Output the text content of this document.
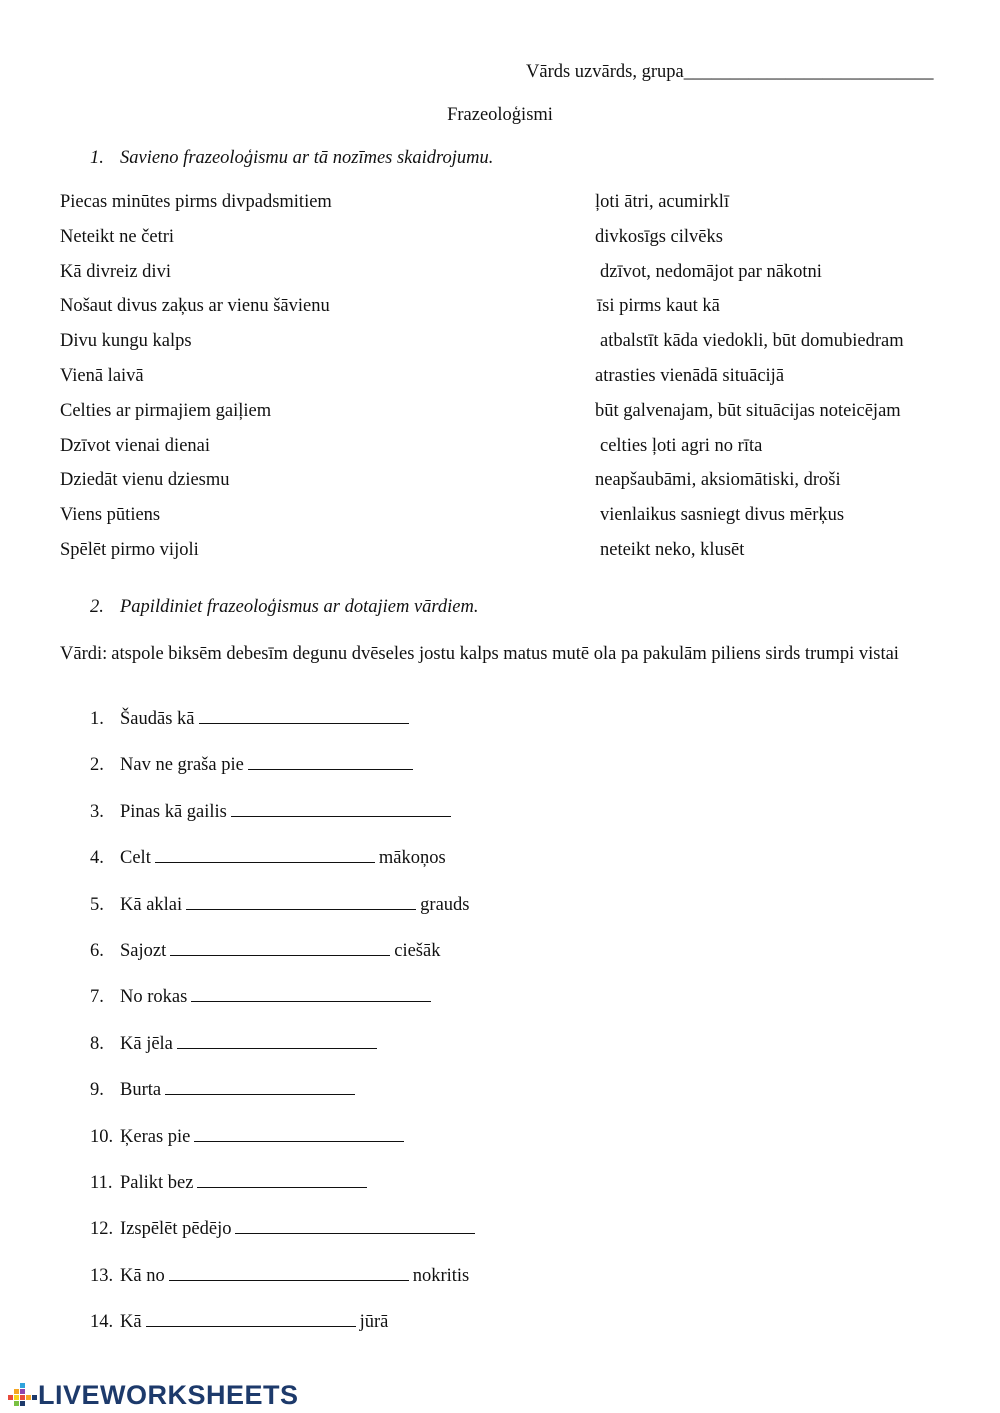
Vārds uzvārds, grupa___________________________
Frazeoloģismi
1. Savieno frazeoloģismu ar tā nozīmes skaidrojumu.
Piecas minūtes pirms divpadsmitiem	ļoti ātri, acumirklī
Neteikt ne četri	divkosīgs cilvēks
Kā divreiz divi	dzīvot, nedomājot par nākotni
Nošaut divus zaķus ar vienu šāvienu	īsi pirms kaut kā
Divu kungu kalps	atbalstīt kāda viedokli, būt domubiedram
Vienā laivā	atrasties vienādā situācijā
Celties ar pirmajiem gaiļiem	būt galvenajam, būt situācijas noteicējam
Dzīvot vienai dienai	celties ļoti agri no rīta
Dziedāt vienu dziesmu	neapšaubāmi, aksiomātiski, droši
Viens pūtiens	vienlaikus sasniegt divus mērķus
Spēlēt pirmo vijoli	neteikt neko, klusēt
2. Papildiniet frazeoloģismus ar dotajiem vārdiem.
Vārdi: atspole biksēm debesīm degunu dvēseles jostu kalps matus mutē ola pa pakulām piliens sirds trumpi vistai
1. Šaudās kā
2. Nav ne graša pie
3. Pinas kā gailis
4. Celt	mākoņos
5. Kā aklai	grauds
6. Sajozt	ciešāk
7. No rokas
8. Kā jēla
9. Burta
10. Ķeras pie
11. Palikt bez
12. Izspēlēt pēdējo
13. Kā no	nokritis
14. Kā	jūrā
LIVEWORKSHEETS
